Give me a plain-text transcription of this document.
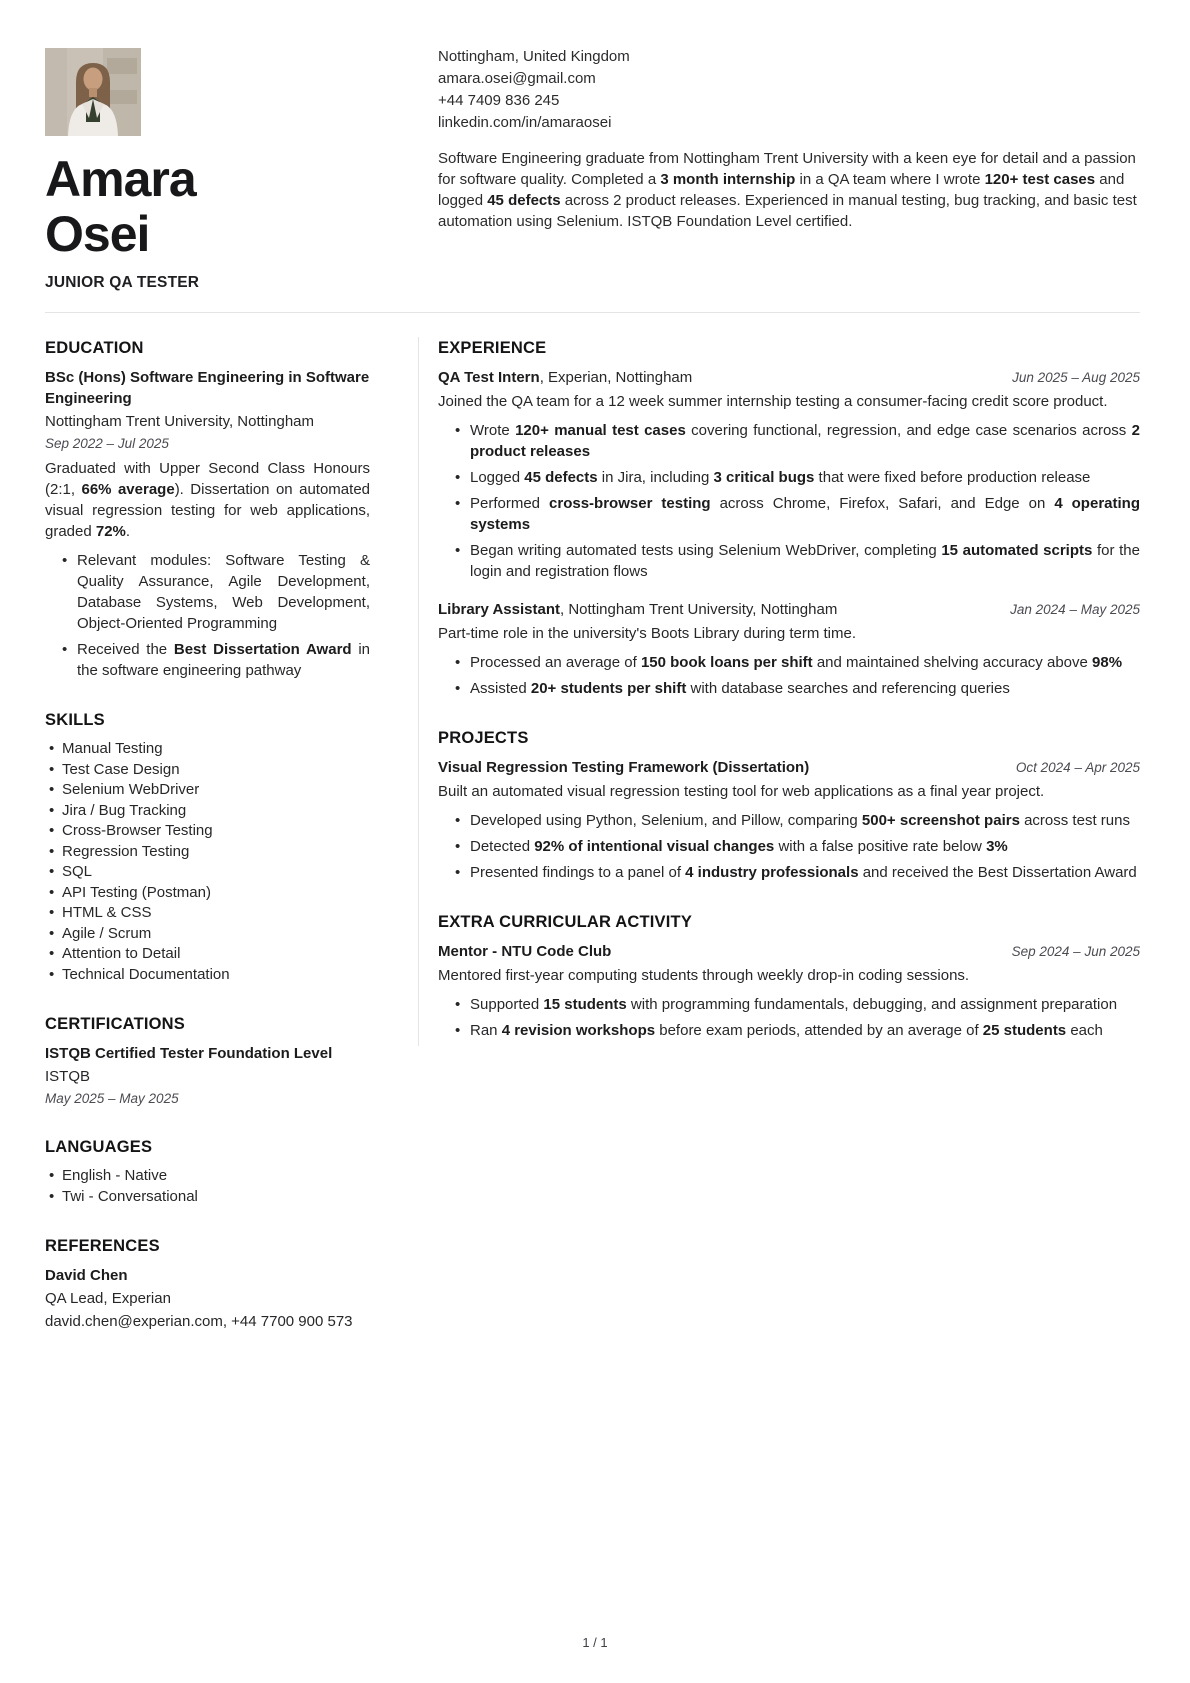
Amara
Osei

JUNIOR QA TESTER

Nottingham, United Kingdom
amara.osei@gmail.com
+44 7409 836 245
linkedin.com/in/amaraosei

Software Engineering graduate from Nottingham Trent University with a keen eye for detail and a passion for software quality. Completed a 3 month internship in a QA team where I wrote 120+ test cases and logged 45 defects across 2 product releases. Experienced in manual testing, bug tracking, and basic test automation using Selenium. ISTQB Foundation Level certified.

EDUCATION

BSc (Hons) Software Engineering in Software Engineering

Nottingham Trent University, Nottingham

Sep 2022 – Jul 2025

Graduated with Upper Second Class Honours (2:1, 66% average). Dissertation on automated visual regression testing for web applications, graded 72%.

• Relevant modules: Software Testing & Quality Assurance, Agile Development, Database Systems, Web Development, Object-Oriented Programming
• Received the Best Dissertation Award in the software engineering pathway
SKILLS
• Manual Testing
• Test Case Design
• Selenium WebDriver
• Jira / Bug Tracking
• Cross-Browser Testing
• Regression Testing
• SQL
• API Testing (Postman)
• HTML & CSS
• Agile / Scrum
• Attention to Detail
• Technical Documentation
CERTIFICATIONS

ISTQB Certified Tester Foundation Level

ISTQB

May 2025 – May 2025

LANGUAGES
• English - Native
• Twi - Conversational
REFERENCES

David Chen

QA Lead, Experian

david.chen@experian.com, +44 7700 900 573

EXPERIENCE

QA Test Intern, Experian, Nottingham	Jun 2025 – Aug 2025

Joined the QA team for a 12 week summer internship testing a consumer-facing credit score product.

• Wrote 120+ manual test cases covering functional, regression, and edge case scenarios across 2 product releases
• Logged 45 defects in Jira, including 3 critical bugs that were fixed before production release
• Performed cross-browser testing across Chrome, Firefox, Safari, and Edge on 4 operating systems
• Began writing automated tests using Selenium WebDriver, completing 15 automated scripts for the login and registration flows

Library Assistant, Nottingham Trent University, Nottingham	Jan 2024 – May 2025

Part-time role in the university's Boots Library during term time.

• Processed an average of 150 book loans per shift and maintained shelving accuracy above 98%
• Assisted 20+ students per shift with database searches and referencing queries
PROJECTS

Visual Regression Testing Framework (Dissertation)	Oct 2024 – Apr 2025

Built an automated visual regression testing tool for web applications as a final year project.

• Developed using Python, Selenium, and Pillow, comparing 500+ screenshot pairs across test runs
• Detected 92% of intentional visual changes with a false positive rate below 3%
• Presented findings to a panel of 4 industry professionals and received the Best Dissertation Award
EXTRA CURRICULAR ACTIVITY

Mentor - NTU Code Club	Sep 2024 – Jun 2025

Mentored first-year computing students through weekly drop-in coding sessions.

• Supported 15 students with programming fundamentals, debugging, and assignment preparation
• Ran 4 revision workshops before exam periods, attended by an average of 25 students each
1 / 1
